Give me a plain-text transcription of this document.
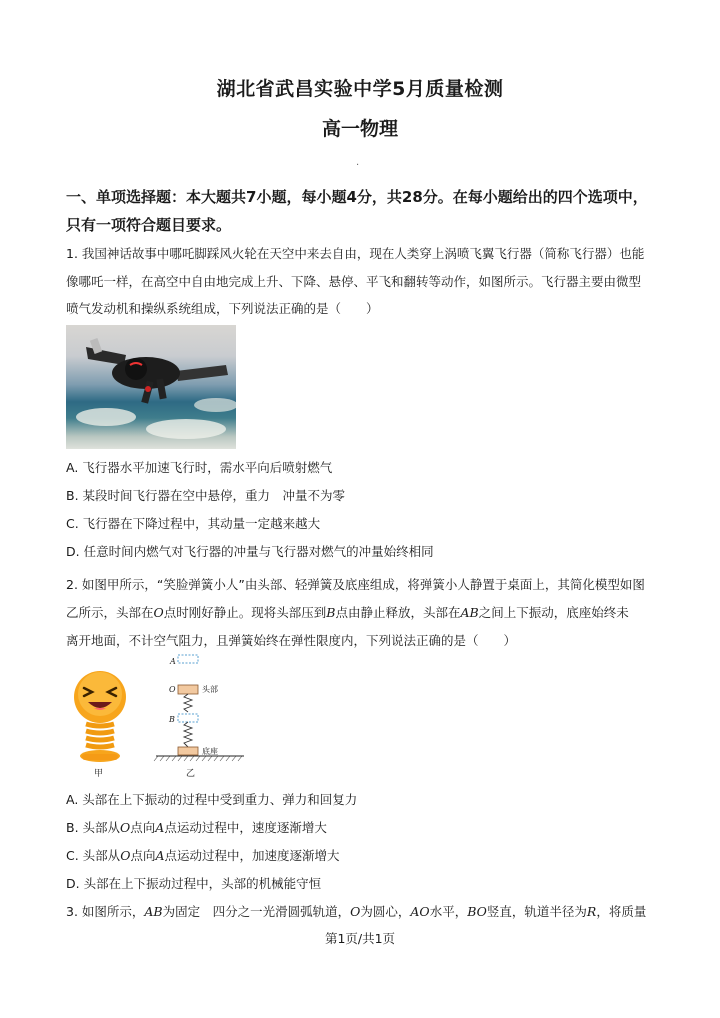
湖北省武昌实验中学5月质量检测
高一物理
·
一、单项选择题：本大题共7小题，每小题4分，共28分。在每小题给出的四个选项中，只有一项符合题目要求。
1. 我国神话故事中哪吒脚踩风火轮在天空中来去自由，现在人类穿上涡喷飞翼飞行器（简称飞行器）也能
像哪吒一样，在高空中自由地完成上升、下降、悬停、平飞和翻转等动作，如图所示。飞行器主要由微型
喷气发动机和操纵系统组成，下列说法正确的是（　　）
A. 飞行器水平加速飞行时，需水平向后喷射燃气
B. 某段时间飞行器在空中悬停，重力　冲量不为零
C. 飞行器在下降过程中，其动量一定越来越大
D. 任意时间内燃气对飞行器的冲量与飞行器对燃气的冲量始终相同
2. 如图甲所示，“笑脸弹簧小人”由头部、轻弹簧及底座组成，将弹簧小人静置于桌面上，其简化模型如图
乙所示，头部在O点时刚好静止。现将头部压到B点由静止释放，头部在AB之间上下振动，底座始终未
离开地面，不计空气阻力，且弹簧始终在弹性限度内，下列说法正确的是（　　）
甲
A
O	头部
B
底座
乙
A. 头部在上下振动的过程中受到重力、弹力和回复力
B. 头部从O点向A点运动过程中，速度逐渐增大
C. 头部从O点向A点运动过程中，加速度逐渐增大
D. 头部在上下振动过程中，头部的机械能守恒
3. 如图所示，AB为固定　四分之一光滑圆弧轨道，O为圆心，AO水平，BO竖直，轨道半径为R，将质量
第1页/共1页
